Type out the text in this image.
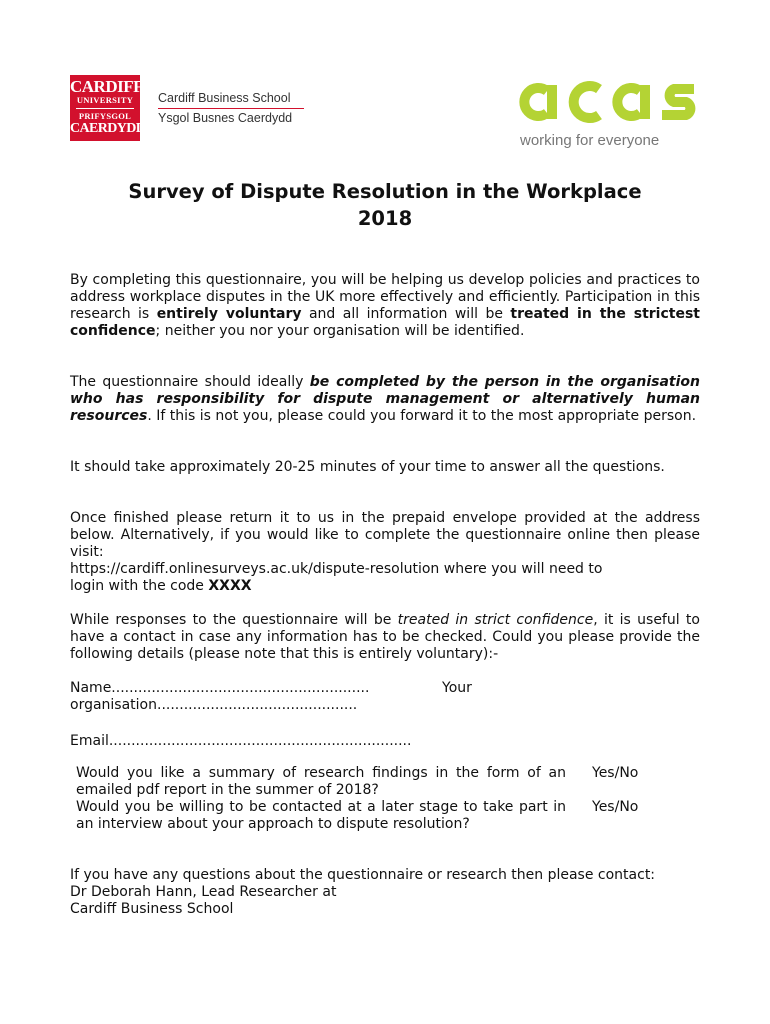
CARDIFF
UNIVERSITY
PRIFYSGOL
CAERDYDD
Cardiff Business School
Ysgol Busnes Caerdydd
working for everyone
Survey of Dispute Resolution in the Workplace
2018

By completing this questionnaire, you will be helping us develop policies and practices to address workplace disputes in the UK more effectively and efficiently. Participation in this research is entirely voluntary and all information will be treated in the strictest confidence; neither you nor your organisation will be identified.

The questionnaire should ideally be completed by the person in the organisation who has responsibility for dispute management or alternatively human resources. If this is not you, please could you forward it to the most appropriate person.

It should take approximately 20-25 minutes of your time to answer all the questions.

Once finished please return it to us in the prepaid envelope provided at the address below. Alternatively, if you would like to complete the questionnaire online then please visit:

https://cardiff.onlinesurveys.ac.uk/dispute-resolution where you will need to
login with the code XXXX

While responses to the questionnaire will be treated in strict confidence, it is useful to have a contact in case any information has to be checked. Could you please provide the following details (please note that this is entirely voluntary):-

Name..........................................................	Your
organisation.............................................
Email....................................................................
Would you like a summary of research findings in the form of an emailed pdf report in the summer of 2018?
Yes/No
Would you be willing to be contacted at a later stage to take part in an interview about your approach to dispute resolution?
Yes/No

If you have any questions about the questionnaire or research then please contact:

Dr Deborah Hann, Lead Researcher at
Cardiff Business School
